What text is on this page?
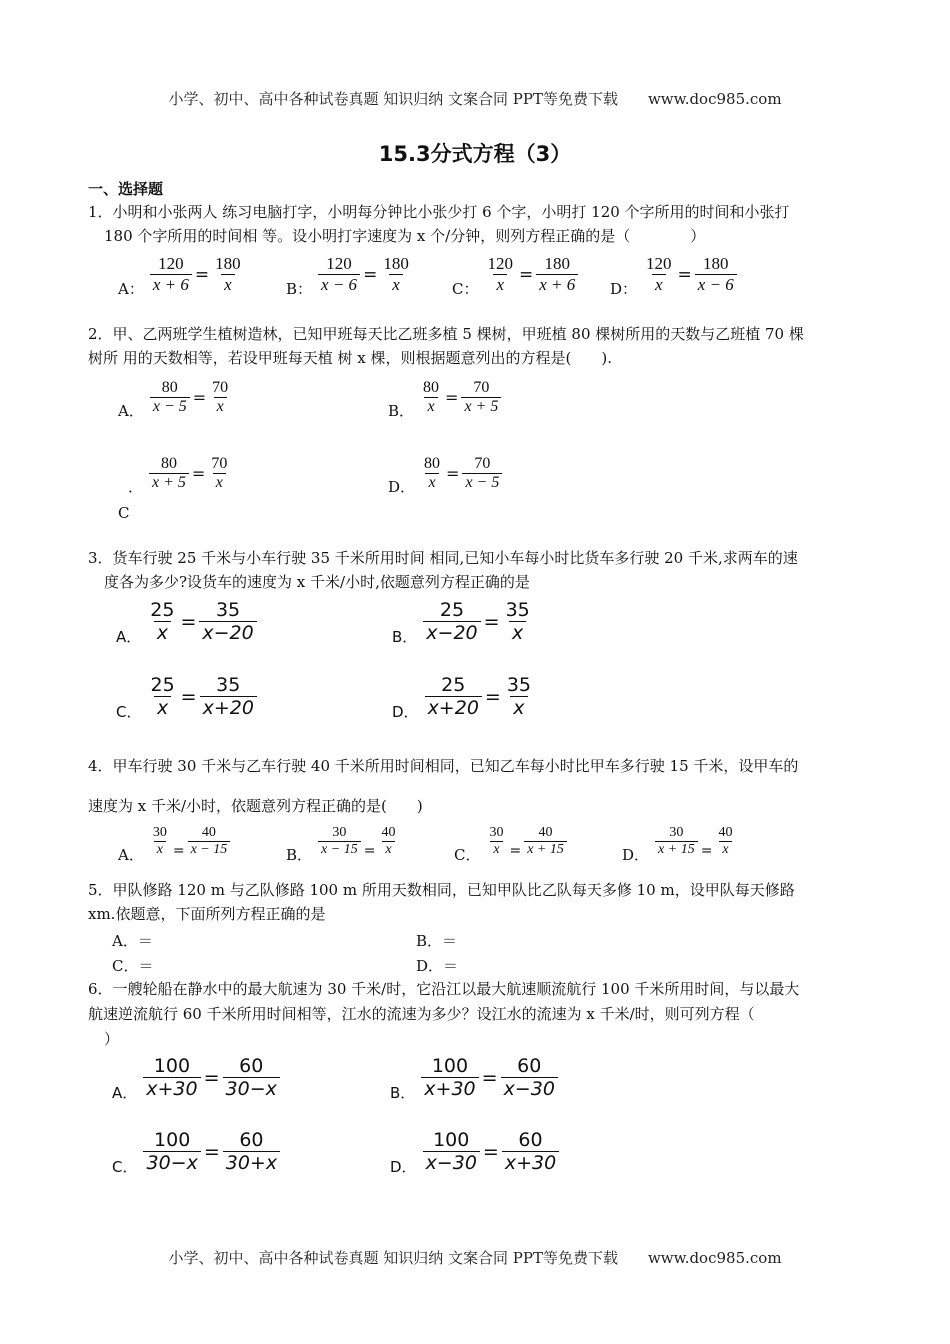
小学、初中、高中各种试卷真题 知识归纳 文案合同 PPT等免费下载　　www.doc985.com
15.3分式方程（3）
一、选择题
1．小明和小张两人 练习电脑打字，小明每分钟比小张少打 6 个字，小明打 120 个字所用的时间和小张打
180 个字所用的时间相 等。设小明打字速度为 x 个/分钟，则列方程正确的是（　　　　）
A： $\frac{120}{x + 6} = \frac{180}{x}$	B： $\frac{120}{x - 6} = \frac{180}{x}$	C： $\frac{120}{x} = \frac{180}{x + 6}$ D： $\frac{120}{x} = \frac{180}{x - 6}$
2．甲、乙两班学生植树造林，已知甲班每天比乙班多植 5 棵树，甲班植 80 棵树所用的天数与乙班植 70 棵
树所 用的天数相等，若设甲班每天植 树 x 棵，则根据题意列出的方程是(　　).
A． $\frac{80}{x - 5} = \frac{70}{x}$	B． $\frac{80}{x} = \frac{70}{x + 5}$
． $\frac{80}{x + 5} = \frac{70}{x}$
C
D． $\frac{80}{x} = \frac{70}{x - 5}$
3．货车行驶 25 千米与小车行驶 35 千米所用时间 相同,已知小车每小时比货车多行驶 20 千米,求两车的速
度各为多少?设货车的速度为 x 千米/小时,依题意列方程正确的是
A． $\frac{25}{x} = \frac{35}{x-20}$	B． $\frac{25}{x-20} = \frac{35}{x}$
C． $\frac{25}{x} = \frac{35}{x+20}$	D． $\frac{25}{x+20} = \frac{35}{x}$
4．甲车行驶 30 千米与乙车行驶 40 千米所用时间相同，已知乙车每小时比甲车多行驶 15 千米，设甲车的
速度为 x 千米/小时，依题意列方程正确的是(　　)
A． $\frac{30}{x} = \frac{40}{x - 15}$	B． $\frac{30}{x - 15} = \frac{40}{x}$	C． $\frac{30}{x} = \frac{40}{x + 15}$	D． $\frac{30}{x + 15} = \frac{40}{x}$
5．甲队修路 120 m 与乙队修路 100 m 所用天数相同，已知甲队比乙队每天多修 10 m，设甲队每天修路
xm.依题意，下面所列方程正确的是
A．＝	B．＝
C．＝	D．＝
6．一艘轮船在静水中的最大航速为 30 千米/时，它沿江以最大航速顺流航行 100 千米所用时间，与以最大
航速逆流航行 60 千米所用时间相等，江水的流速为多少？设江水的流速为 x 千米/时，则可列方程（
）
A． $\frac{100}{x+30} = \frac{60}{30-x}$	B． $\frac{100}{x+30} = \frac{60}{x-30}$
C． $\frac{100}{30-x} = \frac{60}{30+x}$	D． $\frac{100}{x-30} = \frac{60}{x+30}$
小学、初中、高中各种试卷真题 知识归纳 文案合同 PPT等免费下载　　www.doc985.com
